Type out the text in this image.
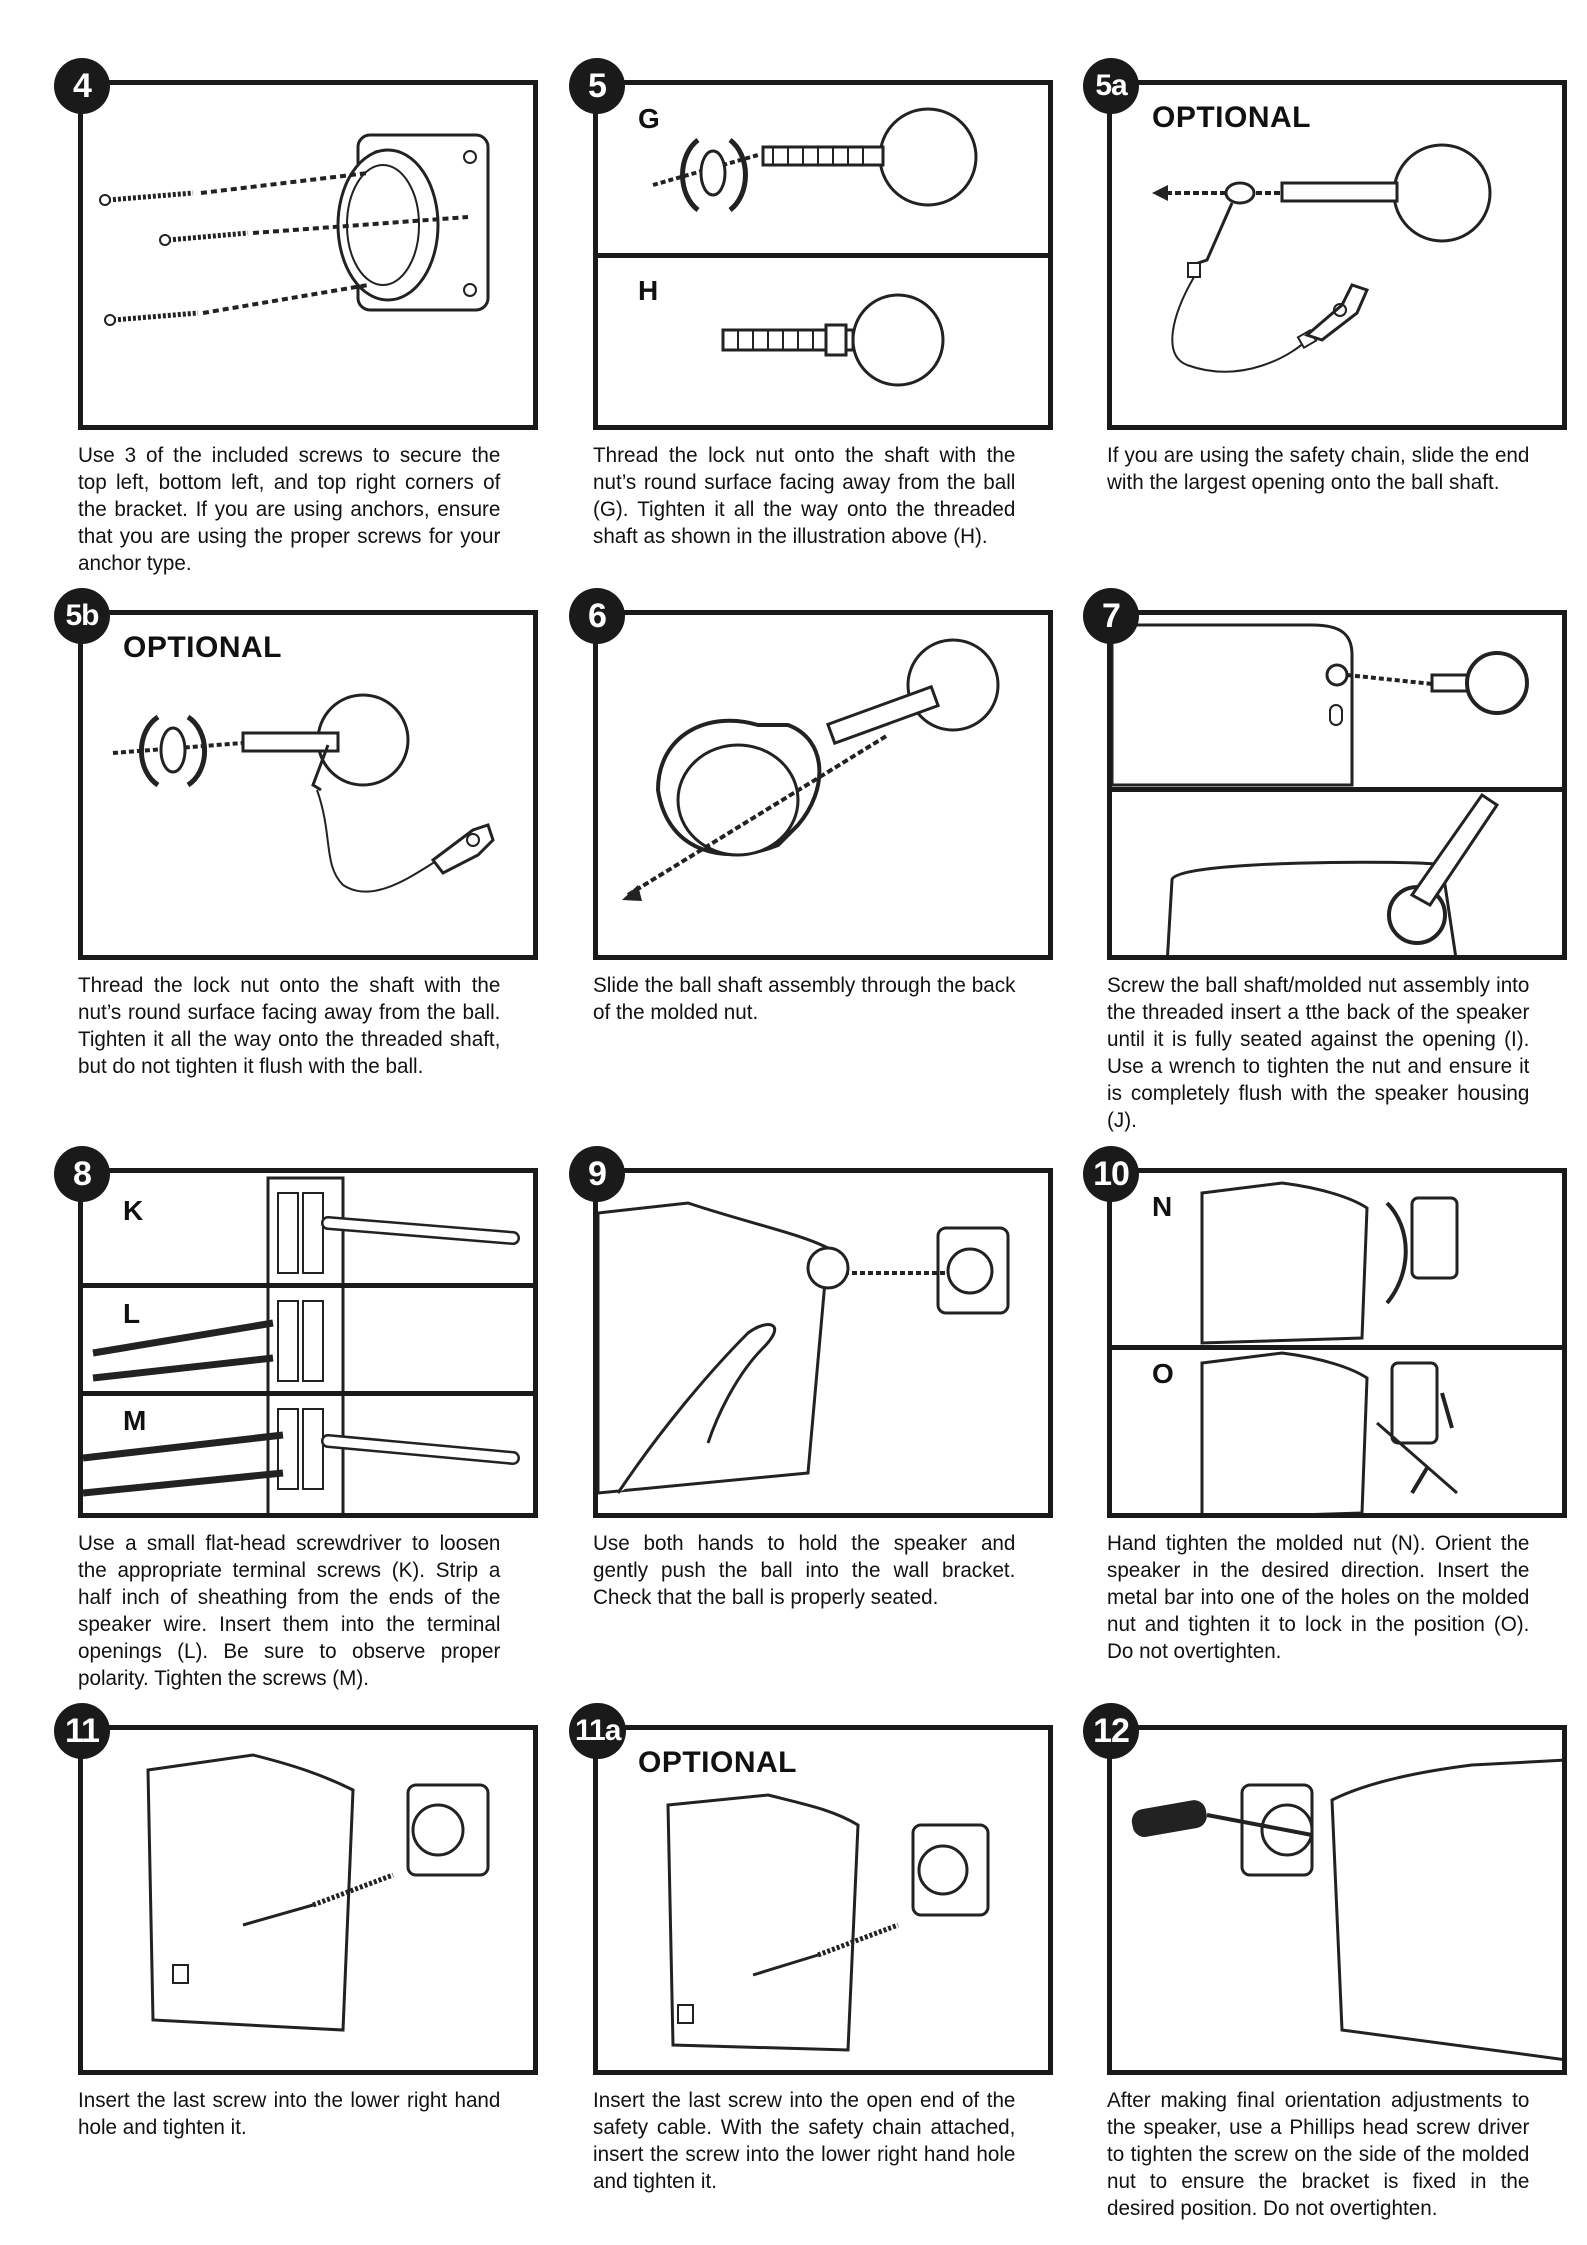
4
Use 3 of the included screws to secure the top left, bottom left, and top right corners of the bracket. If you are using anchors, ensure that you are using the proper screws for your anchor type.
5
G
H
Thread the lock nut onto the shaft with the nut’s round surface facing away from the ball (G). Tighten it all the way onto the threaded shaft as shown in the illustration above (H).
5a
OPTIONAL
If you are using the safety chain, slide the end with the largest opening onto the ball shaft.
5b
OPTIONAL
Thread the lock nut onto the shaft with the nut’s round surface facing away from the ball. Tighten it all the way onto the threaded shaft, but do not tighten it flush with the ball.
6
Slide the ball shaft assembly through the back of the molded nut.
7
Screw the ball shaft/molded nut assembly into the threaded insert a tthe back of the speaker until it is fully seated against the opening (I). Use a wrench to tighten the nut and ensure it is completely flush with the speaker housing (J).
8
K
L
M
Use a small flat-head screwdriver to loosen the appropriate terminal screws (K). Strip a half inch of sheathing from the ends of the speaker wire. Insert them into the terminal openings (L). Be sure to observe proper polarity. Tighten the screws (M).
9
Use both hands to hold the speaker and gently push the ball into the wall bracket. Check that the ball is properly seated.
10
N
O
Hand tighten the molded nut (N). Orient the speaker in the desired direction. Insert the metal bar into one of the holes on the molded nut and tighten it to lock in the position (O). Do not overtighten.
11
Insert the last screw into the lower right hand hole and tighten it.
11a
OPTIONAL
Insert the last screw into the open end of the safety cable. With the safety chain attached, insert the screw into the lower right hand hole and tighten it.
12
After making final orientation adjustments to the speaker, use a Phillips head screw driver to tighten the screw on the side of the molded nut to ensure the bracket is fixed in the desired position. Do not overtighten.
